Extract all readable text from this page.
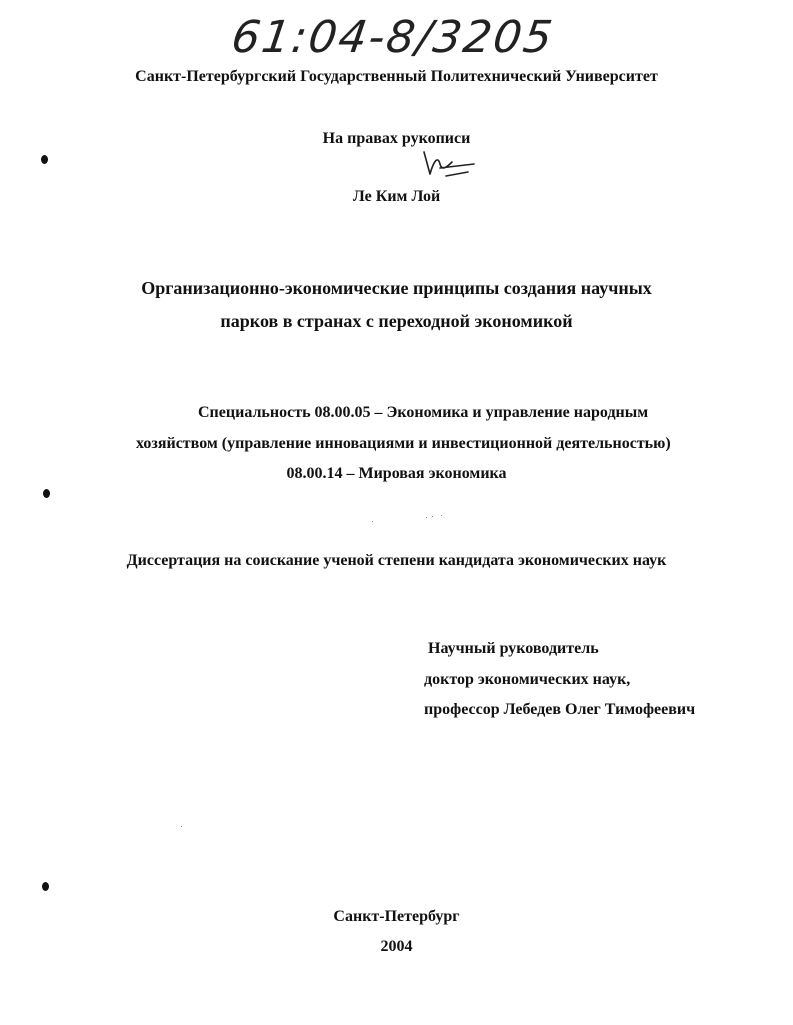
61:04-8/3205
Санкт-Петербургский Государственный Политехнический Университет
На правах рукописи
Ле Ким Лой
Организационно-экономические принципы создания научных
парков в странах с переходной экономикой
Специальность 08.00.05 – Экономика и управление народным
хозяйством (управление инновациями и инвестиционной деятельностью)
08.00.14 – Мировая экономика
Диссертация на соискание ученой степени кандидата экономических наук
Научный руководитель
доктор экономических наук,
профессор Лебедев Олег Тимофеевич
Санкт-Петербург
2004
